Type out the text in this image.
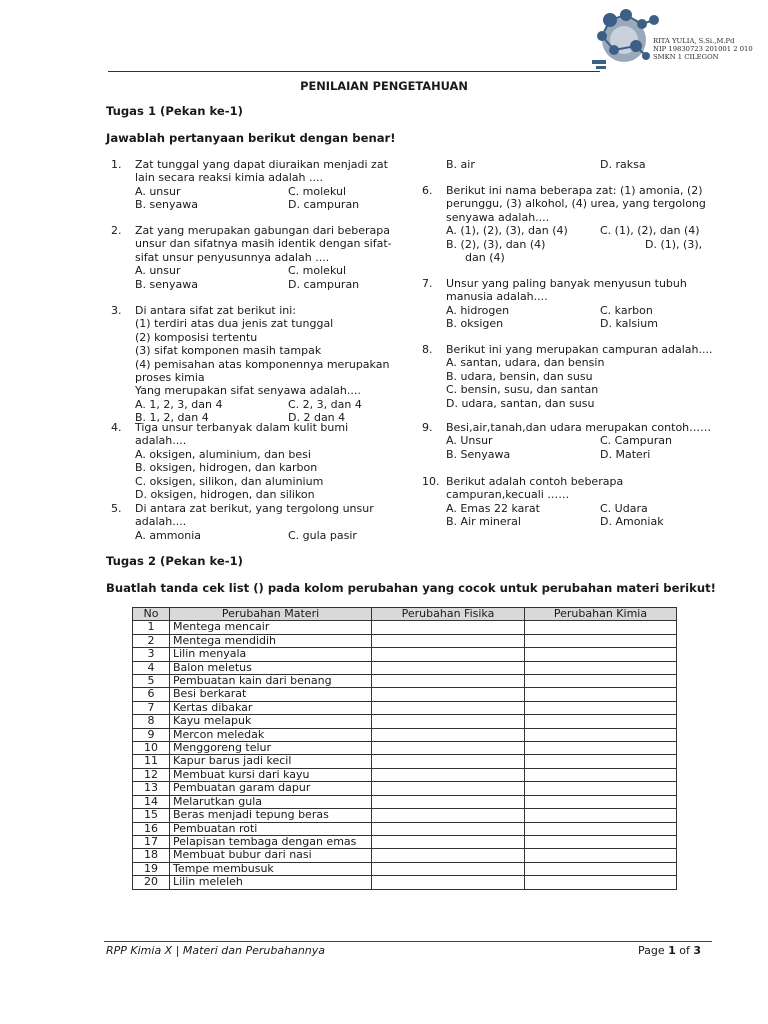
RITA YULIA, S.Si.,M.Pd
NIP 19830723 201001 2 010
SMKN 1 CILEGON
PENILAIAN PENGETAHUAN
Tugas 1 (Pekan ke-1)
Jawablah pertanyaan berikut dengan benar!
1. Zat tunggal yang dapat diuraikan menjadi zat
lain secara reaksi kimia adalah ....
A. unsur	C. molekul
B. senyawa	D. campuran
2. Zat yang merupakan gabungan dari beberapa
unsur dan sifatnya masih identik dengan sifat-
sifat unsur penyusunnya adalah ....
A. unsur	C. molekul
B. senyawa	D. campuran
3. Di antara sifat zat berikut ini:
(1) terdiri atas dua jenis zat tunggal
(2) komposisi tertentu
(3) sifat komponen masih tampak
(4) pemisahan atas komponennya merupakan
proses kimia
Yang merupakan sifat senyawa adalah....
A. 1, 2, 3, dan 4	C. 2, 3, dan 4
B. 1, 2, dan 4	D. 2 dan 4
4. Tiga unsur terbanyak dalam kulit bumi
adalah....
A. oksigen, aluminium, dan besi
B. oksigen, hidrogen, dan karbon
C. oksigen, silikon, dan aluminium
D. oksigen, hidrogen, dan silikon
5. Di antara zat berikut, yang tergolong unsur
adalah....
A. ammonia	C. gula pasir
B. air	D. raksa
6. Berikut ini nama beberapa zat: (1) amonia, (2)
perunggu, (3) alkohol, (4) urea, yang tergolong
senyawa adalah....
A. (1), (2), (3), dan (4)
B. (2), (3), dan (4)
dan (4)
C. (1), (2), dan (4)
D. (1), (3),
7. Unsur yang paling banyak menyusun tubuh
manusia adalah....
A. hidrogen	C. karbon
B. oksigen	D. kalsium
8. Berikut ini yang merupakan campuran adalah....
A. santan, udara, dan bensin
B. udara, bensin, dan susu
C. bensin, susu, dan santan
D. udara, santan, dan susu
9. Besi,air,tanah,dan udara merupakan contoh……
A. Unsur	C. Campuran
B. Senyawa	D. Materi
10. Berikut adalah contoh beberapa
campuran,kecuali ……
A. Emas 22 karat	C. Udara
B. Air mineral	D. Amoniak
Tugas 2 (Pekan ke-1)
Buatlah tanda cek list () pada kolom perubahan yang cocok untuk perubahan materi berikut!
No	Perubahan Materi	Perubahan Fisika	Perubahan Kimia
1	Mentega mencair		
2	Mentega mendidih		
3	Lilin menyala		
4	Balon meletus		
5	Pembuatan kain dari benang		
6	Besi berkarat		
7	Kertas dibakar		
8	Kayu melapuk		
9	Mercon meledak		
10	Menggoreng telur		
11	Kapur barus jadi kecil		
12	Membuat kursi dari kayu		
13	Pembuatan garam dapur		
14	Melarutkan gula		
15	Beras menjadi tepung beras		
16	Pembuatan roti		
17	Pelapisan tembaga dengan emas		
18	Membuat bubur dari nasi		
19	Tempe membusuk		
20	Lilin meleleh		
RPP Kimia X | Materi dan Perubahannya	Page 1 of 3
